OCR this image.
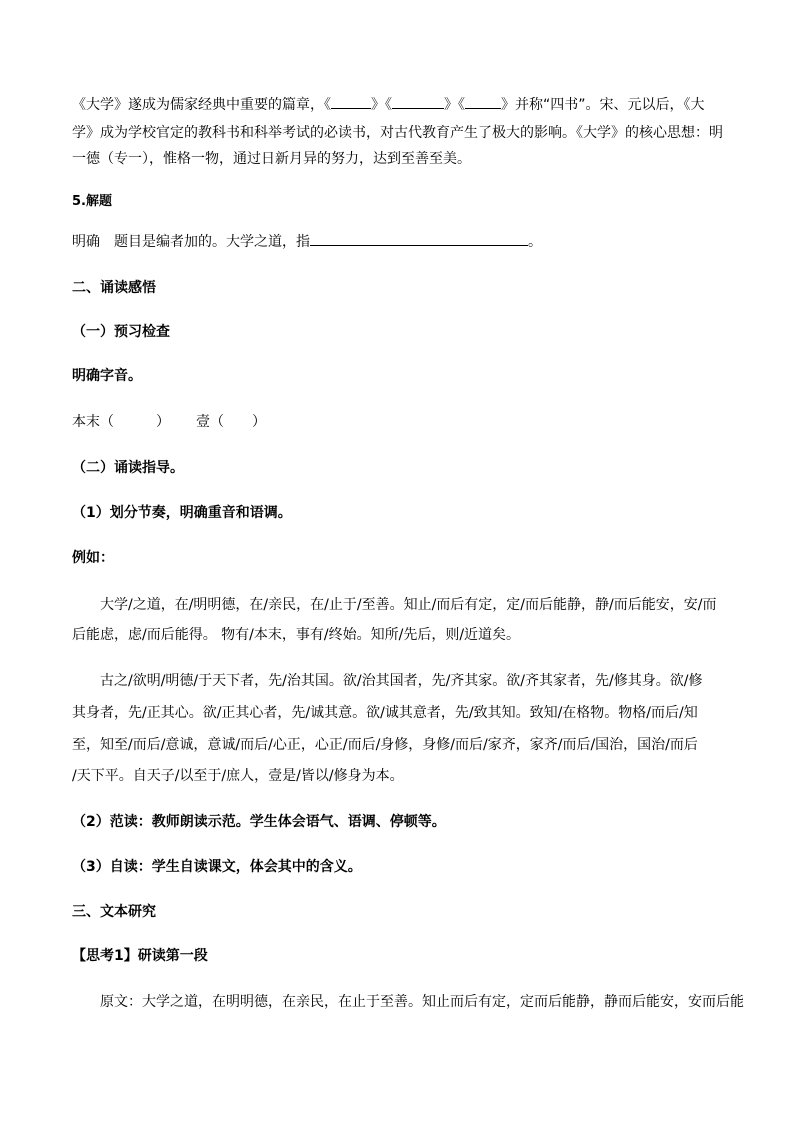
《大学》遂成为儒家经典中重要的篇章，《	》《	》《	》并称“四书”。宋、元以后，《大
学》成为学校官定的教科书和科举考试的必读书，对古代教育产生了极大的影响。《大学》的核心思想：明
一德（专一），惟格一物，通过日新月异的努力，达到至善至美。
5.解题
明确　题目是编者加的。大学之道，指	。
二、诵读感悟
（一）预习检查
明确字音。
本末（　　　） 壹（　　）
（二）诵读指导。
（1）划分节奏，明确重音和语调。
例如：
大学/之道，在/明明德，在/亲民，在/止于/至善。知止/而后有定，定/而后能静，静/而后能安，安/而
后能虑，虑/而后能得。 物有/本末，事有/终始。知所/先后，则/近道矣。
古之/欲明/明德/于天下者，先/治其国。欲/治其国者，先/齐其家。欲/齐其家者，先/修其身。欲/修
其身者，先/正其心。欲/正其心者，先/诚其意。欲/诚其意者，先/致其知。致知/在格物。物格/而后/知
至，知至/而后/意诚，意诚/而后/心正，心正/而后/身修，身修/而后/家齐，家齐/而后/国治，国治/而后
/天下平。自天子/以至于/庶人，壹是/皆以/修身为本。
（2）范读：教师朗读示范。学生体会语气、语调、停顿等。
（3）自读：学生自读课文，体会其中的含义。
三、文本研究
【思考1】研读第一段
原文：大学之道，在明明德，在亲民，在止于至善。知止而后有定，定而后能静，静而后能安，安而后能
